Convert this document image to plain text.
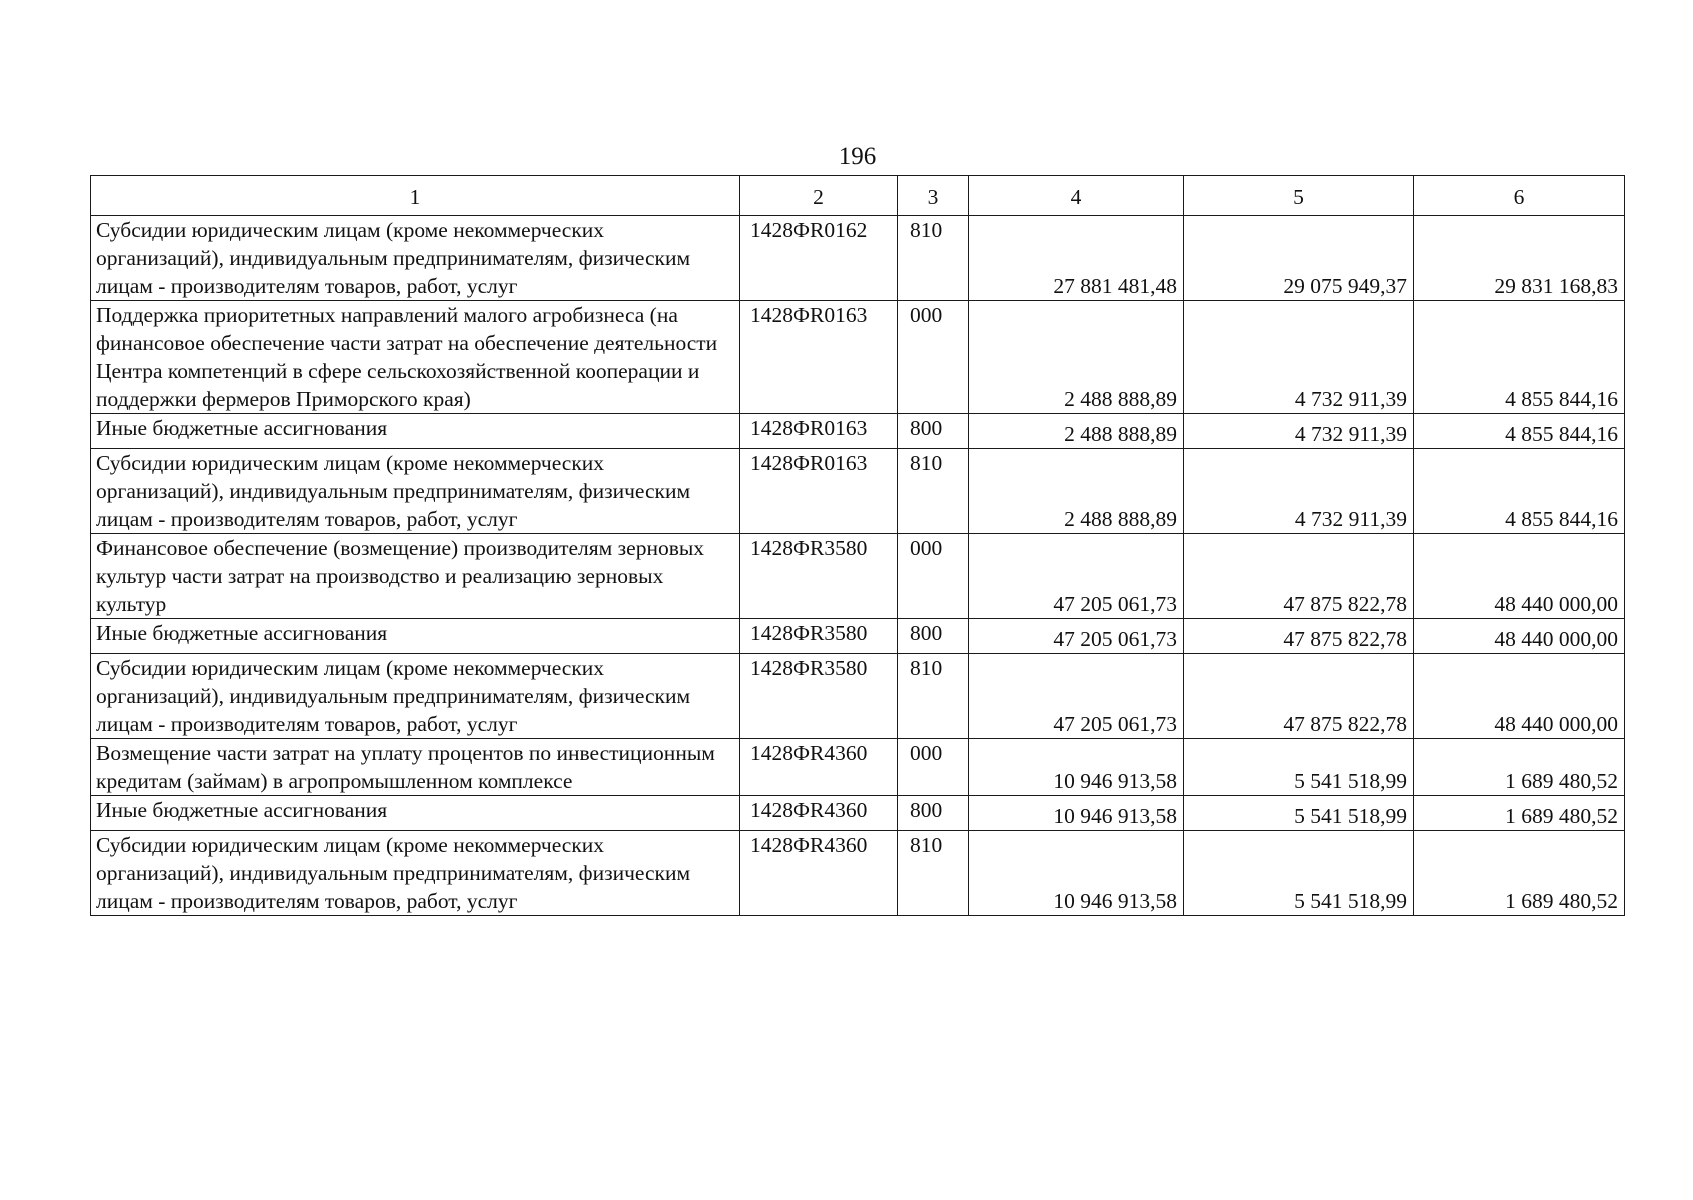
196
1	2	3	4	5	6
Субсидии юридическим лицам (кроме некоммерческих организаций), индивидуальным предпринимателям, физическим лицам - производителям товаров, работ, услуг	1428ФR0162	810	27 881 481,48	29 075 949,37	29 831 168,83
Поддержка приоритетных направлений малого агробизнеса (на финансовое обеспечение части затрат на обеспечение деятельности Центра компетенций в сфере сельскохозяйственной кооперации и поддержки фермеров Приморского края)	1428ФR0163	000	2 488 888,89	4 732 911,39	4 855 844,16
Иные бюджетные ассигнования	1428ФR0163	800	2 488 888,89	4 732 911,39	4 855 844,16
Субсидии юридическим лицам (кроме некоммерческих организаций), индивидуальным предпринимателям, физическим лицам - производителям товаров, работ, услуг	1428ФR0163	810	2 488 888,89	4 732 911,39	4 855 844,16
Финансовое обеспечение (возмещение) производителям зерновых культур части затрат на производство и реализацию зерновых культур	1428ФR3580	000	47 205 061,73	47 875 822,78	48 440 000,00
Иные бюджетные ассигнования	1428ФR3580	800	47 205 061,73	47 875 822,78	48 440 000,00
Субсидии юридическим лицам (кроме некоммерческих организаций), индивидуальным предпринимателям, физическим лицам - производителям товаров, работ, услуг	1428ФR3580	810	47 205 061,73	47 875 822,78	48 440 000,00
Возмещение части затрат на уплату процентов по инвестиционным кредитам (займам) в агропромышленном комплексе	1428ФR4360	000	10 946 913,58	5 541 518,99	1 689 480,52
Иные бюджетные ассигнования	1428ФR4360	800	10 946 913,58	5 541 518,99	1 689 480,52
Субсидии юридическим лицам (кроме некоммерческих организаций), индивидуальным предпринимателям, физическим лицам - производителям товаров, работ, услуг	1428ФR4360	810	10 946 913,58	5 541 518,99	1 689 480,52
